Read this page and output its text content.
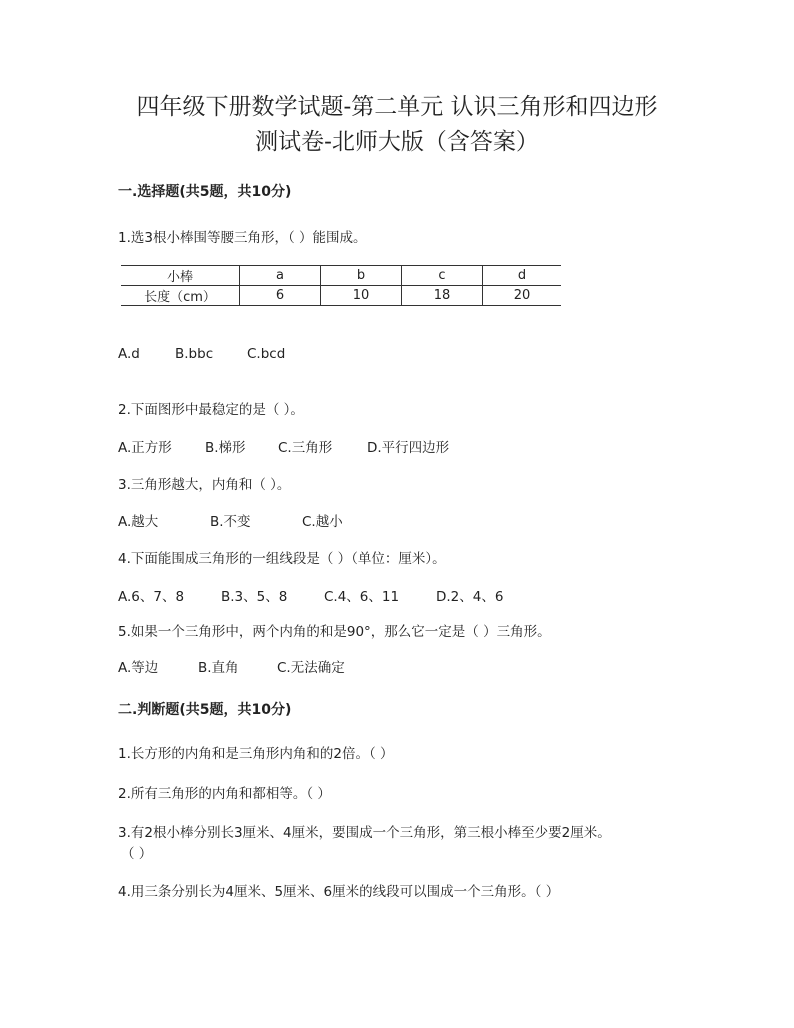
四年级下册数学试题-第二单元 认识三角形和四边形
测试卷-北师大版（含答案）
一.选择题(共5题，共10分)
1.选3根小棒围等腰三角形，（ ）能围成。
小棒	a	b	c	d
长度（cm）	6	10	18	20
A.d	B.bbc	C.bcd
2.下面图形中最稳定的是（ ）。
A.正方形 B.梯形 C.三角形	D.平行四边形
3.三角形越大，内角和（ ）。
A.越大	B.不变	C.越小
4.下面能围成三角形的一组线段是（ ）（单位：厘米）。
A.6、7、8	B.3、5、8	C.4、6、11	D.2、4、6
5.如果一个三角形中，两个内角的和是90°，那么它一定是（ ）三角形。
A.等边	B.直角	C.无法确定
二.判断题(共5题，共10分)
1.长方形的内角和是三角形内角和的2倍。（ ）
2.所有三角形的内角和都相等。（ ）
3.有2根小棒分别长3厘米、4厘米，要围成一个三角形，第三根小棒至少要2厘米。
（ ）
4.用三条分别长为4厘米、5厘米、6厘米的线段可以围成一个三角形。（ ）
